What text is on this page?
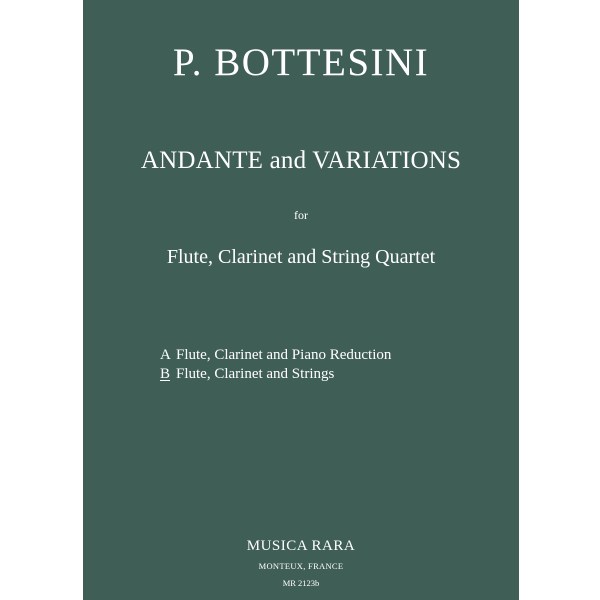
P. BOTTESINI
ANDANTE and VARIATIONS
for
Flute, Clarinet and String Quartet
A Flute, Clarinet and Piano Reduction
B Flute, Clarinet and Strings
MUSICA RARA
MONTEUX, FRANCE
MR 2123b
